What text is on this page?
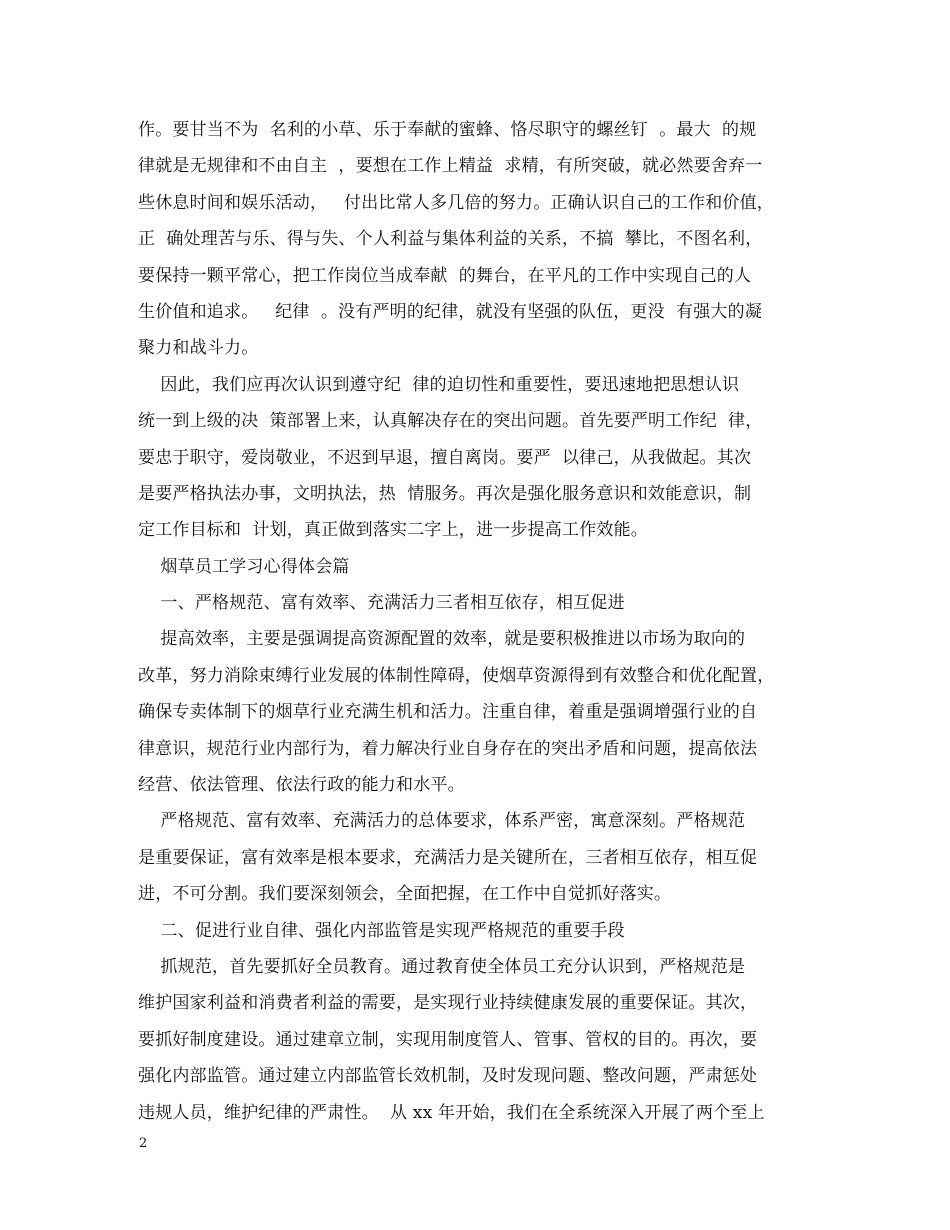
作。要甘当不为  名利的小草、乐于奉献的蜜蜂、恪尽职守的螺丝钉  。最大  的规
律就是无规律和不由自主  ，要想在工作上精益  求精，有所突破，就必然要舍弃一
些休息时间和娱乐活动，   付出比常人多几倍的努力。正确认识自己的工作和价值，
正  确处理苦与乐、得与失、个人利益与集体利益的关系，不搞  攀比，不图名利，
要保持一颗平常心，把工作岗位当成奉献  的舞台，在平凡的工作中实现自己的人
生价值和追求。   纪律  。没有严明的纪律，就没有坚强的队伍，更没  有强大的凝
聚力和战斗力。
因此，我们应再次认识到遵守纪  律的迫切性和重要性，要迅速地把思想认识
统一到上级的决  策部署上来，认真解决存在的突出问题。首先要严明工作纪  律，
要忠于职守，爱岗敬业，不迟到早退，擅自离岗。要严  以律己，从我做起。其次
是要严格执法办事，文明执法，热  情服务。再次是强化服务意识和效能意识，制
定工作目标和  计划，真正做到落实二字上，进一步提高工作效能。
烟草员工学习心得体会篇
一、严格规范、富有效率、充满活力三者相互依存，相互促进
提高效率，主要是强调提高资源配置的效率，就是要积极推进以市场为取向的
改革，努力消除束缚行业发展的体制性障碍，使烟草资源得到有效整合和优化配置，
确保专卖体制下的烟草行业充满生机和活力。注重自律，着重是强调增强行业的自
律意识，规范行业内部行为，着力解决行业自身存在的突出矛盾和问题，提高依法
经营、依法管理、依法行政的能力和水平。
严格规范、富有效率、充满活力的总体要求，体系严密，寓意深刻。严格规范
是重要保证，富有效率是根本要求，充满活力是关键所在，三者相互依存，相互促
进，不可分割。我们要深刻领会，全面把握，在工作中自觉抓好落实。
二、促进行业自律、强化内部监管是实现严格规范的重要手段
抓规范，首先要抓好全员教育。通过教育使全体员工充分认识到，严格规范是
维护国家利益和消费者利益的需要，是实现行业持续健康发展的重要保证。其次，
要抓好制度建设。通过建章立制，实现用制度管人、管事、管权的目的。再次，要
强化内部监管。通过建立内部监管长效机制，及时发现问题、整改问题，严肃惩处
违规人员，维护纪律的严肃性。  从 xx 年开始，我们在全系统深入开展了两个至上
2
